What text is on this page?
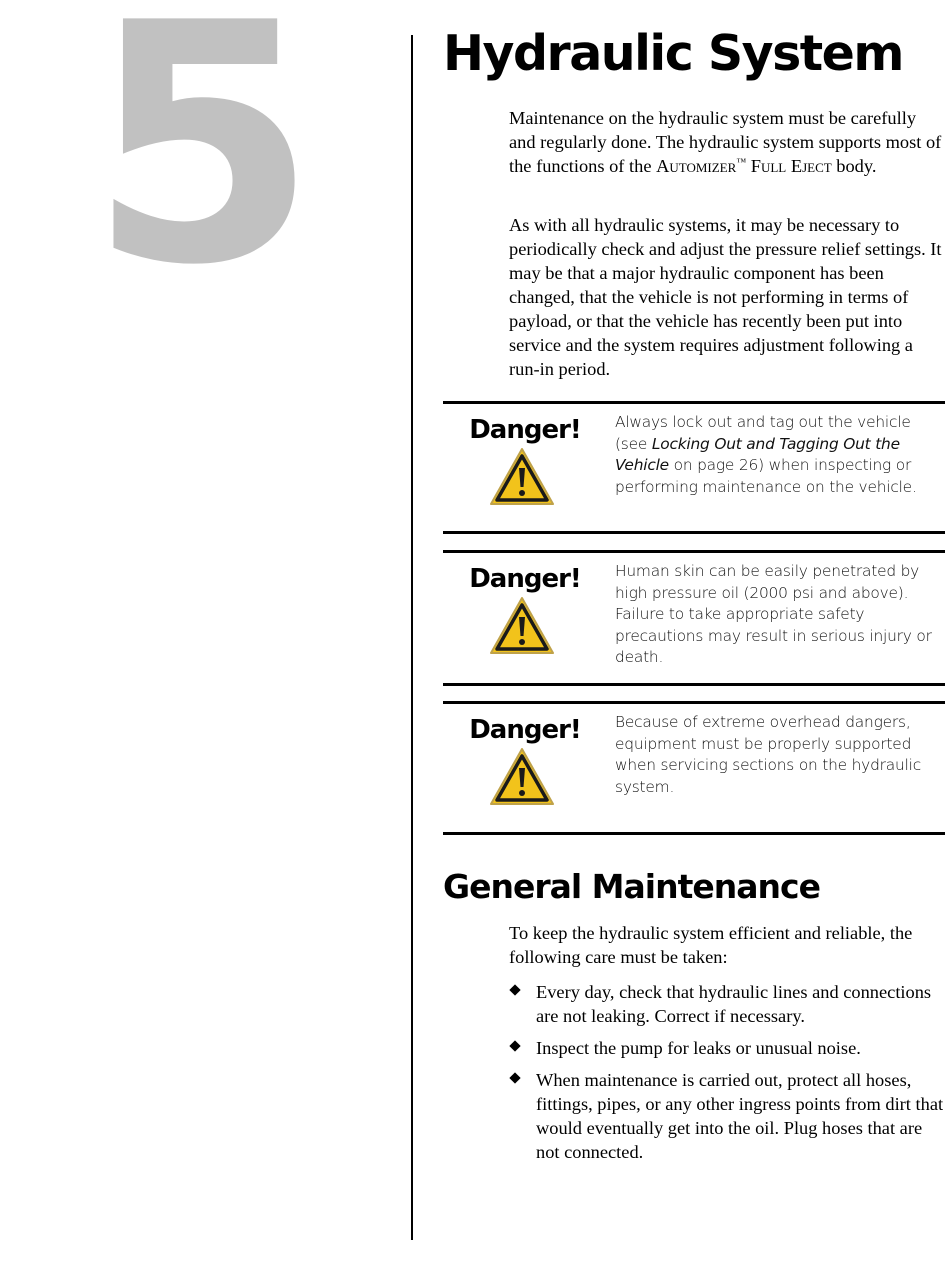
5	Hydraulic System

Maintenance on the hydraulic system must be carefully and regularly done. The hydraulic system supports most of the functions of the Automizer™ Full Eject body.

As with all hydraulic systems, it may be necessary to periodically check and adjust the pressure relief settings. It may be that a major hydraulic component has been changed, that the vehicle is not performing in terms of payload, or that the vehicle has recently been put into service and the system requires adjustment following a run-in period.

Danger! Always lock out and tag out the vehicle (see Locking Out and Tagging Out the Vehicle on page 26) when inspecting or performing maintenance on the vehicle.
Danger! Human skin can be easily penetrated by high pressure oil (2000 psi and above). Failure to take appropriate safety precautions may result in serious injury or death.
Danger! Because of extreme overhead dangers, equipment must be properly supported when servicing sections on the hydraulic system.
General Maintenance

To keep the hydraulic system efficient and reliable, the following care must be taken:

Every day, check that hydraulic lines and connections are not leaking. Correct if necessary.
Inspect the pump for leaks or unusual noise.
When maintenance is carried out, protect all hoses, fittings, pipes, or any other ingress points from dirt that would eventually get into the oil. Plug hoses that are not connected.
